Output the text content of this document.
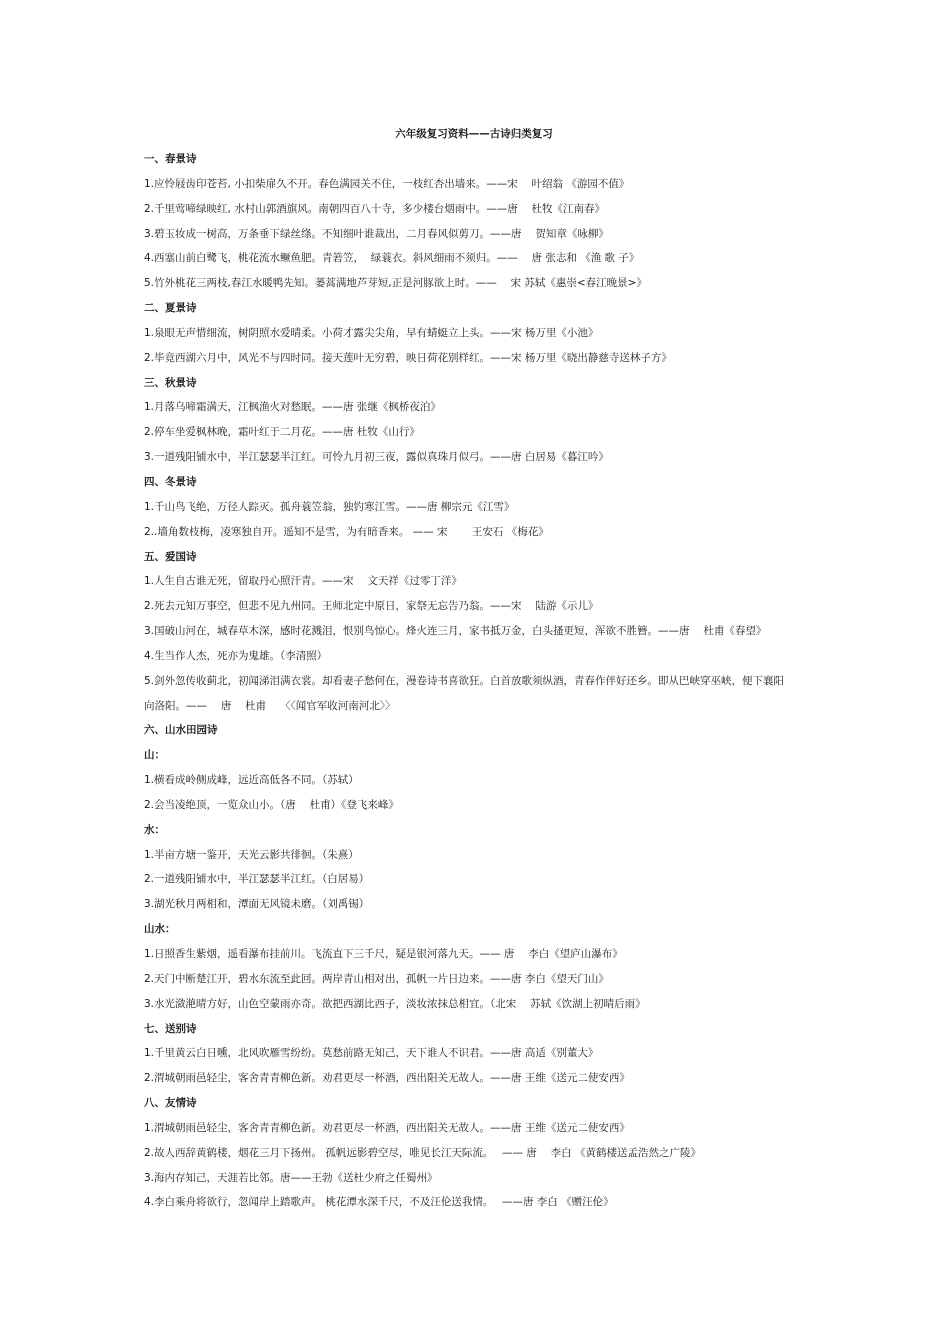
六年级复习资料——古诗归类复习
一、春景诗
1.应怜屐齿印苍苔, 小扣柴扉久不开。春色满园关不住，一枝红杏出墙来。——宋　 叶绍翁 《游园不值》
2.千里莺啼绿映红, 水村山郭酒旗风。南朝四百八十寺，多少楼台烟雨中。——唐　 杜牧《江南春》
3.碧玉妆成一树高，万条垂下绿丝绦。不知细叶谁裁出，二月春风似剪刀。——唐　 贺知章《咏柳》
4.西塞山前白鹭飞，桃花流水鳜鱼肥。青箬笠，  绿蓑衣。斜风细雨不须归。——　 唐 张志和 《渔 歌 子》
5.竹外桃花三两枝,春江水暖鸭先知。蒌蒿满地芦芽短,正是河豚欲上时。——　 宋 苏轼《惠崇<春江晚景>》
二、夏景诗
1.泉眼无声惜细流，树阴照水爱晴柔。小荷才露尖尖角，早有蜻蜓立上头。——宋 杨万里《小池》
2.毕竟西湖六月中，风光不与四时同。接天莲叶无穷碧，映日荷花别样红。——宋 杨万里《晓出静慈寺送林子方》
三、秋景诗
1.月落乌啼霜满天，江枫渔火对愁眠。——唐 张继《枫桥夜泊》
2.停车坐爱枫林晚，霜叶红于二月花。——唐 杜牧《山行》
3.一道残阳铺水中，半江瑟瑟半江红。可怜九月初三夜，露似真珠月似弓。——唐 白居易《暮江吟》
四、冬景诗
1.千山鸟飞绝，万径人踪灭。孤舟蓑笠翁，独钓寒江雪。——唐 柳宗元《江雪》
2..墙角数枝梅，凌寒独自开。遥知不是雪，为有暗香来。 —— 宋　　 王安石 《梅花》
五、爱国诗
1.人生自古谁无死，留取丹心照汗青。——宋　 文天祥《过零丁洋》
2.死去元知万事空，但悲不见九州同。王师北定中原日，家祭无忘告乃翁。——宋　 陆游《示儿》
3.国破山河在，城春草木深，感时花溅泪，恨别鸟惊心。烽火连三月，家书抵万金，白头搔更短，浑欲不胜簪。——唐　 杜甫《春望》
4.生当作人杰，死亦为鬼雄。（李清照）
5.剑外忽传收蓟北，初闻涕泪满衣裳。却看妻子愁何在，漫卷诗书喜欲狂。白首放歌须纵酒，青春作伴好还乡。即从巴峡穿巫峡，便下襄阳
向洛阳。——　 唐　 杜甫　 〈〈闻官军收河南河北〉〉
六、山水田园诗
山：
1.横看成岭侧成峰，远近高低各不同。（苏轼）
2.会当凌绝顶，一览众山小。（唐　 杜甫）《登飞来峰》
水：
1.半亩方塘一鉴开，天光云影共徘徊。（朱熹）
2.一道残阳铺水中，半江瑟瑟半江红。（白居易）
3.湖光秋月两相和，潭面无风镜未磨。（刘禹锡）
山水：
1.日照香生紫烟，遥看瀑布挂前川。飞流直下三千尺，疑是银河落九天。—— 唐　 李白《望庐山瀑布》
2.天门中断楚江开，碧水东流至此回。两岸青山相对出，孤帆一片日边来。——唐 李白《望天门山》
3.水光潋滟晴方好，山色空蒙雨亦奇。欲把西湖比西子，淡妆浓抹总相宜。（北宋　 苏轼《饮湖上初晴后雨》
七、送别诗
1.千里黄云白日曛，北风吹雁雪纷纷。莫愁前路无知己，天下谁人不识君。——唐 高适《别董大》
2.渭城朝雨邑轻尘，客舍青青柳色新。劝君更尽一杯酒，西出阳关无故人。——唐 王维《送元二使安西》
八、友情诗
1.渭城朝雨邑轻尘，客舍青青柳色新。劝君更尽一杯酒，西出阳关无故人。——唐 王维《送元二使安西》
2.故人西辞黄鹤楼，烟花三月下扬州。 孤帆远影碧空尽，唯见长江天际流。　 —— 唐　 李白 《黄鹤楼送孟浩然之广陵》
3.海内存知己，天涯若比邻。唐——王勃《送杜少府之任蜀州》
4.李白乘舟将欲行，忽闻岸上踏歌声。 桃花潭水深千尺，不及汪伦送我情。　 ——唐 李白 《赠汪伦》
